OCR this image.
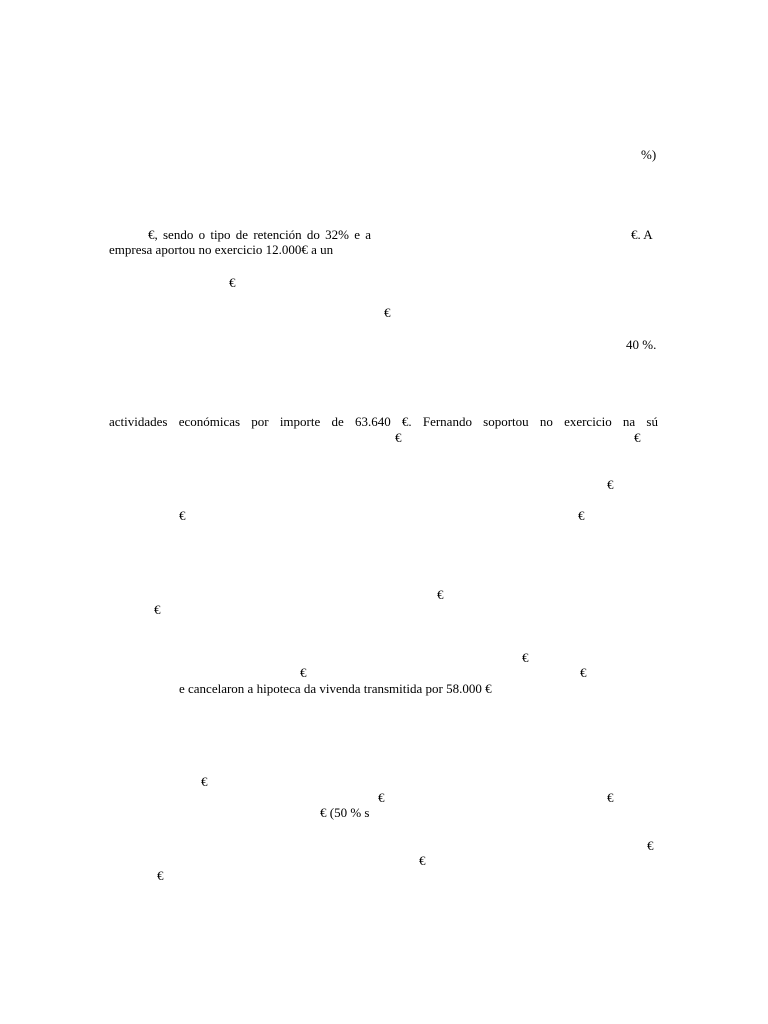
%)
€, sendo o tipo de retención do 32% e a	€. A
empresa aportou no exercicio 12.000€ a un
€
€
40 %.
actividades económicas por importe de 63.640 €. Fernando soportou no exercicio na sú
€	€
€
€	€
€
€
€
€	€
e cancelaron a hipoteca da vivenda transmitida por 58.000 €
€
€	€
€ (50 % s
€
€
€
